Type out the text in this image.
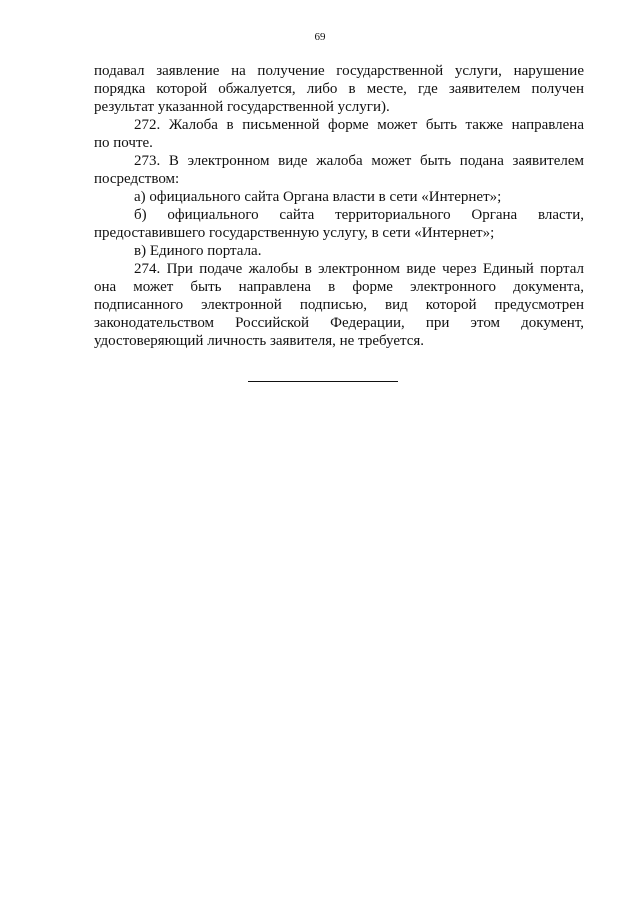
69
подавал заявление на получение государственной услуги, нарушение
порядка которой обжалуется, либо в месте, где заявителем получен
результат указанной государственной услуги).
272. Жалоба в письменной форме может быть также направлена
по почте.
273. В электронном виде жалоба может быть подана заявителем
посредством:
а) официального сайта Органа власти в сети «Интернет»;
б) официального сайта территориального Органа власти,
предоставившего государственную услугу, в сети «Интернет»;
в) Единого портала.
274. При подаче жалобы в электронном виде через Единый портал
она может быть направлена в форме электронного документа,
подписанного электронной подписью, вид которой предусмотрен
законодательством Российской Федерации, при этом документ,
удостоверяющий личность заявителя, не требуется.
